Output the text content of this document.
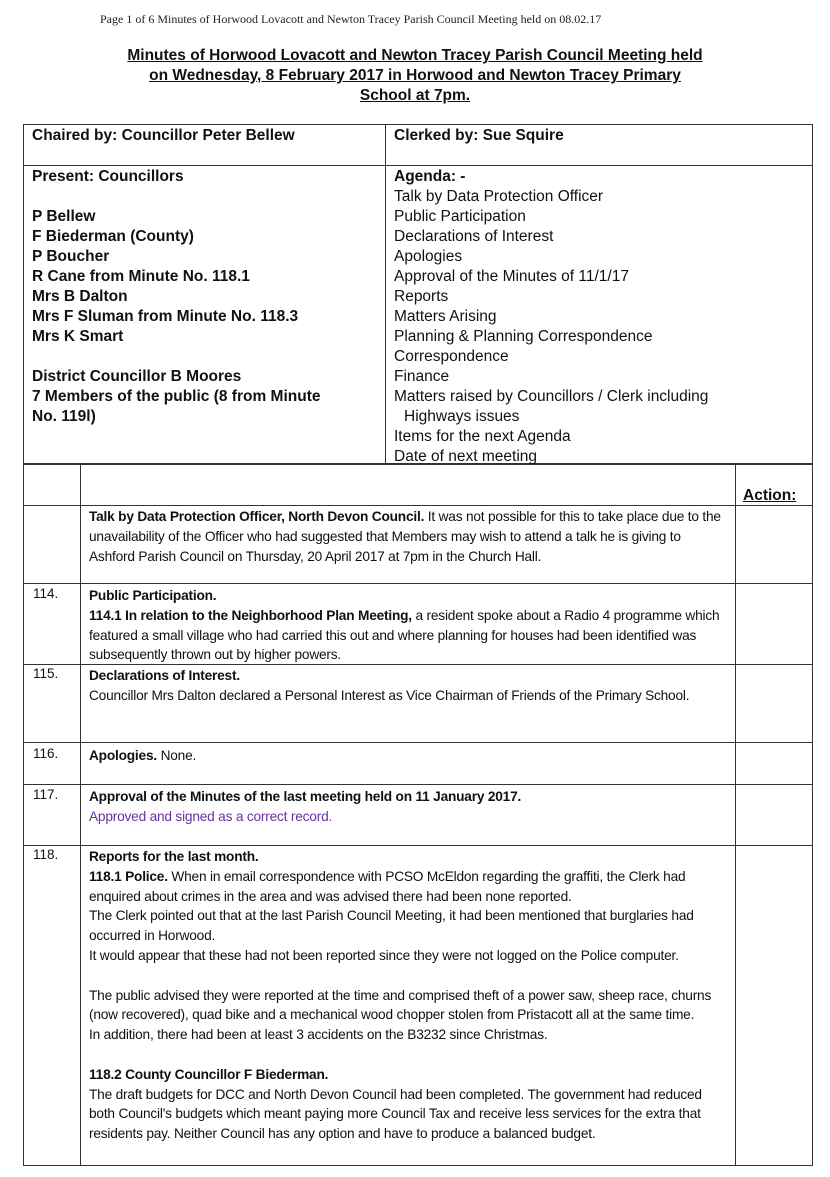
Page 1 of 6 Minutes of Horwood Lovacott and Newton Tracey Parish Council Meeting held on 08.02.17
Minutes of Horwood Lovacott and Newton Tracey Parish Council Meeting held
on Wednesday, 8 February 2017 in Horwood and Newton Tracey Primary
School at 7pm.
Chaired by: Councillor Peter Bellew	Clerked by: Sue Squire
Present: Councillors
P Bellew
F Biederman (County)
P Boucher
R Cane from Minute No. 118.1
Mrs B Dalton
Mrs F Sluman from Minute No. 118.3
Mrs K Smart
District Councillor B Moores
7 Members of the public (8 from Minute
No. 119l)
Agenda: -
Talk by Data Protection Officer
Public Participation
Declarations of Interest
Apologies
Approval of the Minutes of 11/1/17
Reports
Matters Arising
Planning & Planning Correspondence
Correspondence
Finance
Matters raised by Councillors / Clerk including
Highways issues
Items for the next Agenda
Date of next meeting
Action:

Talk by Data Protection Officer, North Devon Council. It was not possible for this to take place due to the unavailability of the Officer who had suggested that Members may wish to attend a talk he is giving to Ashford Parish Council on Thursday, 20 April 2017 at 7pm in the Church Hall.

114. Public Participation.

114.1 In relation to the Neighborhood Plan Meeting, a resident spoke about a Radio 4 programme which featured a small village who had carried this out and where planning for houses had been identified was subsequently thrown out by higher powers.

115. Declarations of Interest.

Councillor Mrs Dalton declared a Personal Interest as Vice Chairman of Friends of the Primary School.

116. Apologies. None.

117. Approval of the Minutes of the last meeting held on 11 January 2017.

Approved and signed as a correct record.

118. Reports for the last month.

118.1 Police. When in email correspondence with PCSO McEldon regarding the graffiti, the Clerk had enquired about crimes in the area and was advised there had been none reported.

The Clerk pointed out that at the last Parish Council Meeting, it had been mentioned that burglaries had occurred in Horwood.

It would appear that these had not been reported since they were not logged on the Police computer.

The public advised they were reported at the time and comprised theft of a power saw, sheep race, churns (now recovered), quad bike and a mechanical wood chopper stolen from Pristacott all at the same time.

In addition, there had been at least 3 accidents on the B3232 since Christmas.

118.2 County Councillor F Biederman.

The draft budgets for DCC and North Devon Council had been completed. The government had reduced both Council's budgets which meant paying more Council Tax and receive less services for the extra that residents pay. Neither Council has any option and have to produce a balanced budget.
